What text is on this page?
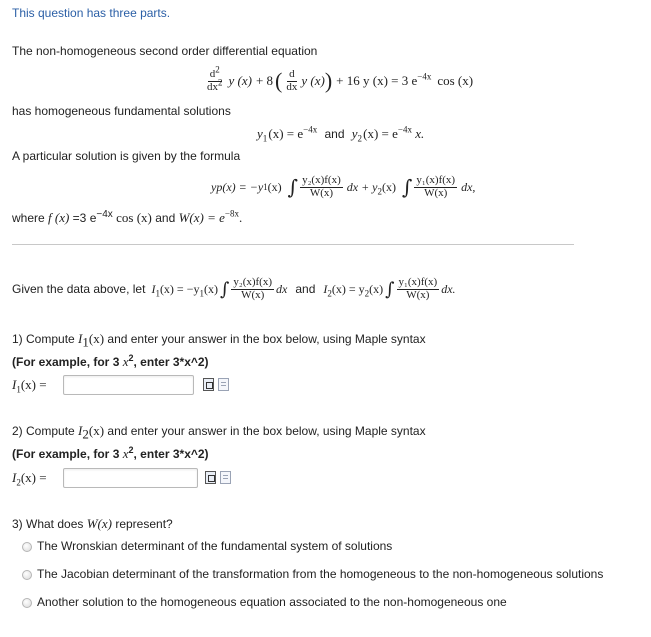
This question has three parts.
The non-homogeneous second order differential equation
$\frac{d^2}{dx^2}$ y (x) + 8 ( $\frac{d}{dx}$ y (x) ) + 16 y (x) = 3 $e^{-4x}$ cos (x)
has homogeneous fundamental solutions
$y_1$ $(x) = e^{-4x}$ and $y_2$ $(x) = e^{-4x}$ x.
A particular solution is given by the formula
yp(x) = −y 1 (x) ∫ $\frac{\text{y₂(x)f(x)}}{W(x)}$ dx + $y_2(x)$ ∫ $\frac{\text{y₁(x)f(x)}}{W(x)}$ dx,
where f (x) =3 $e^{-4x}$ cos (x) and $W(x) = e^{-8x}$.
Given the data above, let $I_1(x) = -y_1(x)$ ∫ $\frac{\text{y₂(x)f(x)}}{W(x)}$ dx and $I_2(x) = y_2(x)$ ∫ $\frac{\text{y₁(x)f(x)}}{W(x)}$ dx.
1) Compute $I_1(x)$ and enter your answer in the box below, using Maple syntax
(For example, for 3 $x^2$, enter 3*x^2)
$I_1(x)$ =
2) Compute $I_2(x)$ and enter your answer in the box below, using Maple syntax
(For example, for 3 $x^2$, enter 3*x^2)
$I_2(x)$ =
3) What does W(x) represent?
The Wronskian determinant of the fundamental system of solutions
The Jacobian determinant of the transformation from the homogeneous to the non-homogeneous solutions
Another solution to the homogeneous equation associated to the non-homogeneous one
